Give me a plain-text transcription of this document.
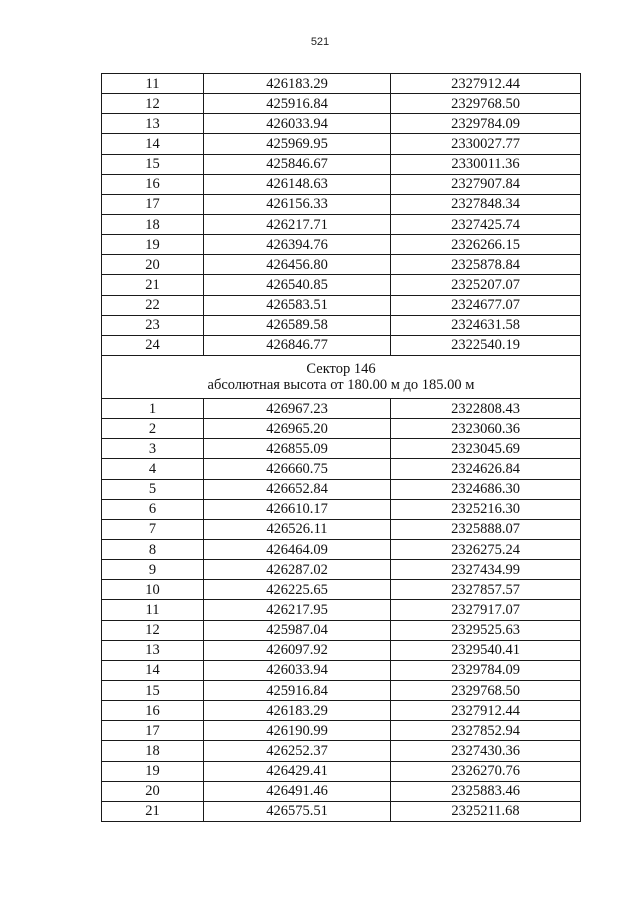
521
11	426183.29	2327912.44
12	425916.84	2329768.50
13	426033.94	2329784.09
14	425969.95	2330027.77
15	425846.67	2330011.36
16	426148.63	2327907.84
17	426156.33	2327848.34
18	426217.71	2327425.74
19	426394.76	2326266.15
20	426456.80	2325878.84
21	426540.85	2325207.07
22	426583.51	2324677.07
23	426589.58	2324631.58
24	426846.77	2322540.19

Сектор 146
абсолютная высота от 180.00 м до 185.00 м		

1	426967.23	2322808.43
2	426965.20	2323060.36
3	426855.09	2323045.69
4	426660.75	2324626.84
5	426652.84	2324686.30
6	426610.17	2325216.30
7	426526.11	2325888.07
8	426464.09	2326275.24
9	426287.02	2327434.99
10	426225.65	2327857.57
11	426217.95	2327917.07
12	425987.04	2329525.63
13	426097.92	2329540.41
14	426033.94	2329784.09
15	425916.84	2329768.50
16	426183.29	2327912.44
17	426190.99	2327852.94
18	426252.37	2327430.36
19	426429.41	2326270.76
20	426491.46	2325883.46
21	426575.51	2325211.68
